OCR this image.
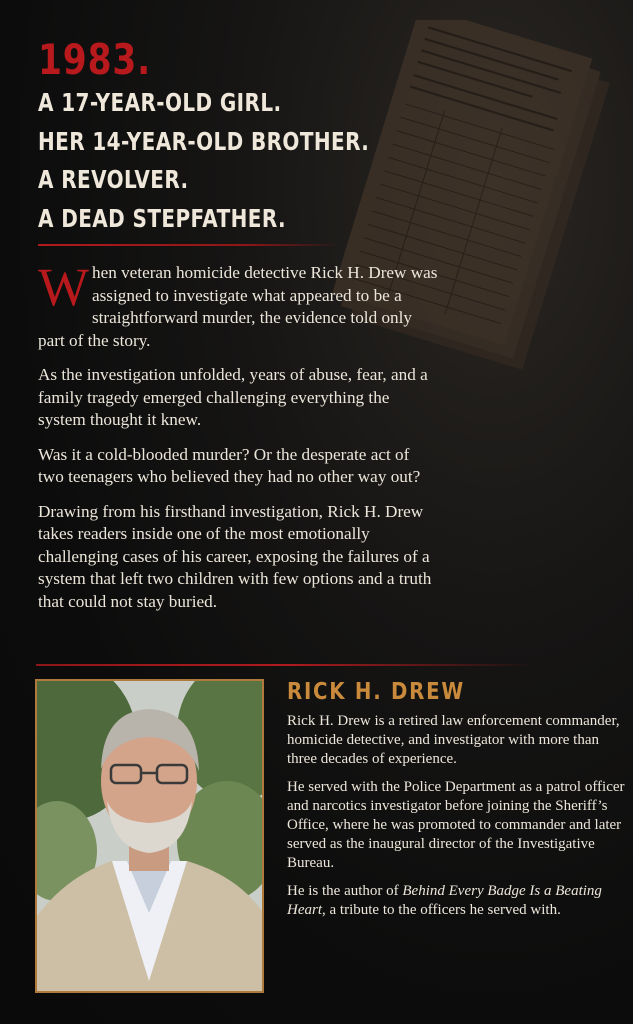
1983.
A 17-YEAR-OLD GIRL.
HER 14-YEAR-OLD BROTHER.
A REVOLVER.
A DEAD STEPFATHER.

When veteran homicide detective Rick H. Drew was assigned to investigate what appeared to be a straightforward murder, the evidence told only part of the story.

As the investigation unfolded, years of abuse, fear, and a family tragedy emerged challenging everything the system thought it knew.

Was it a cold-blooded murder? Or the desperate act of two teenagers who believed they had no other way out?

Drawing from his firsthand investigation, Rick H. Drew takes readers inside one of the most emotionally challenging cases of his career, exposing the failures of a system that left two children with few options and a truth that could not stay buried.

RICK H. DREW

Rick H. Drew is a retired law enforcement commander, homicide detective, and investigator with more than three decades of experience.

He served with the Police Department as a patrol officer and narcotics investigator before joining the Sheriff’s Office, where he was promoted to commander and later served as the inaugural director of the Investigative Bureau.

He is the author of Behind Every Badge Is a Beating Heart, a tribute to the officers he served with.
